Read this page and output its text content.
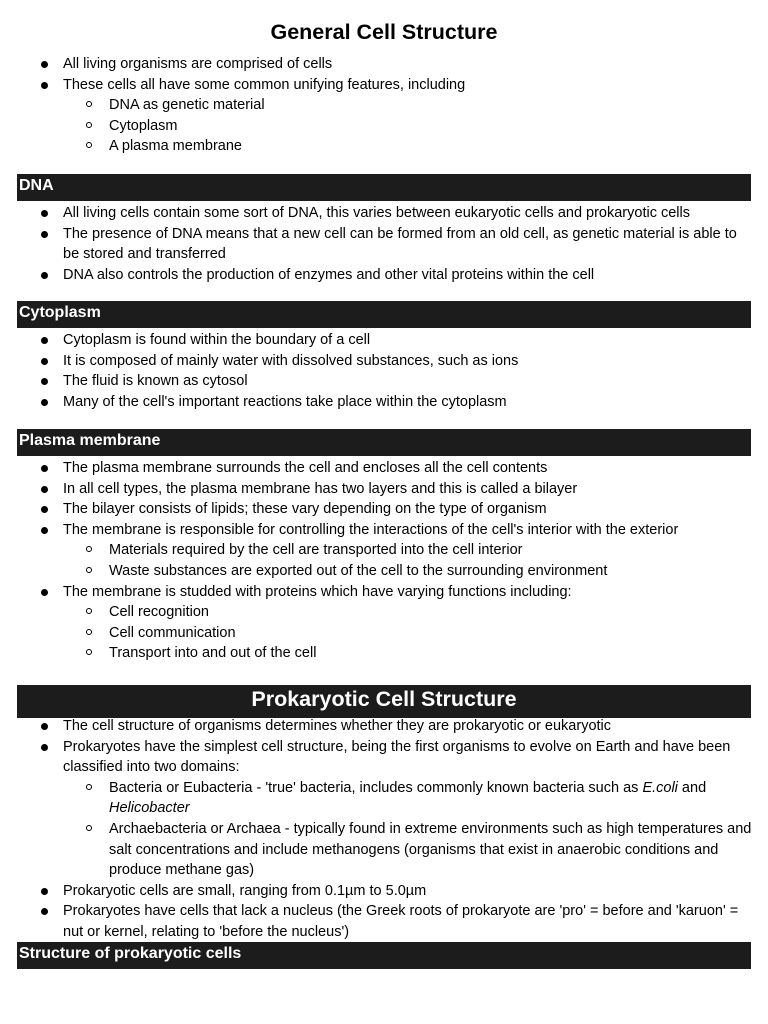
General Cell Structure
All living organisms are comprised of cells
These cells all have some common unifying features, including
DNA as genetic material
Cytoplasm
A plasma membrane
DNA
All living cells contain some sort of DNA, this varies between eukaryotic cells and prokaryotic cells
The presence of DNA means that a new cell can be formed from an old cell, as genetic material is able to be stored and transferred
DNA also controls the production of enzymes and other vital proteins within the cell
Cytoplasm
Cytoplasm is found within the boundary of a cell
It is composed of mainly water with dissolved substances, such as ions
The fluid is known as cytosol
Many of the cell's important reactions take place within the cytoplasm
Plasma membrane
The plasma membrane surrounds the cell and encloses all the cell contents
In all cell types, the plasma membrane has two layers and this is called a bilayer
The bilayer consists of lipids; these vary depending on the type of organism
The membrane is responsible for controlling the interactions of the cell's interior with the exterior
Materials required by the cell are transported into the cell interior
Waste substances are exported out of the cell to the surrounding environment
The membrane is studded with proteins which have varying functions including:
Cell recognition
Cell communication
Transport into and out of the cell
Prokaryotic Cell Structure
The cell structure of organisms determines whether they are prokaryotic or eukaryotic
Prokaryotes have the simplest cell structure, being the first organisms to evolve on Earth and have been classified into two domains:
Bacteria or Eubacteria - 'true' bacteria, includes commonly known bacteria such as E.coli and Helicobacter
Archaebacteria or Archaea - typically found in extreme environments such as high temperatures and salt concentrations and include methanogens (organisms that exist in anaerobic conditions and produce methane gas)
Prokaryotic cells are small, ranging from 0.1µm to 5.0µm
Prokaryotes have cells that lack a nucleus (the Greek roots of prokaryote are 'pro' = before and 'karuon' = nut or kernel, relating to 'before the nucleus')
Structure of prokaryotic cells
